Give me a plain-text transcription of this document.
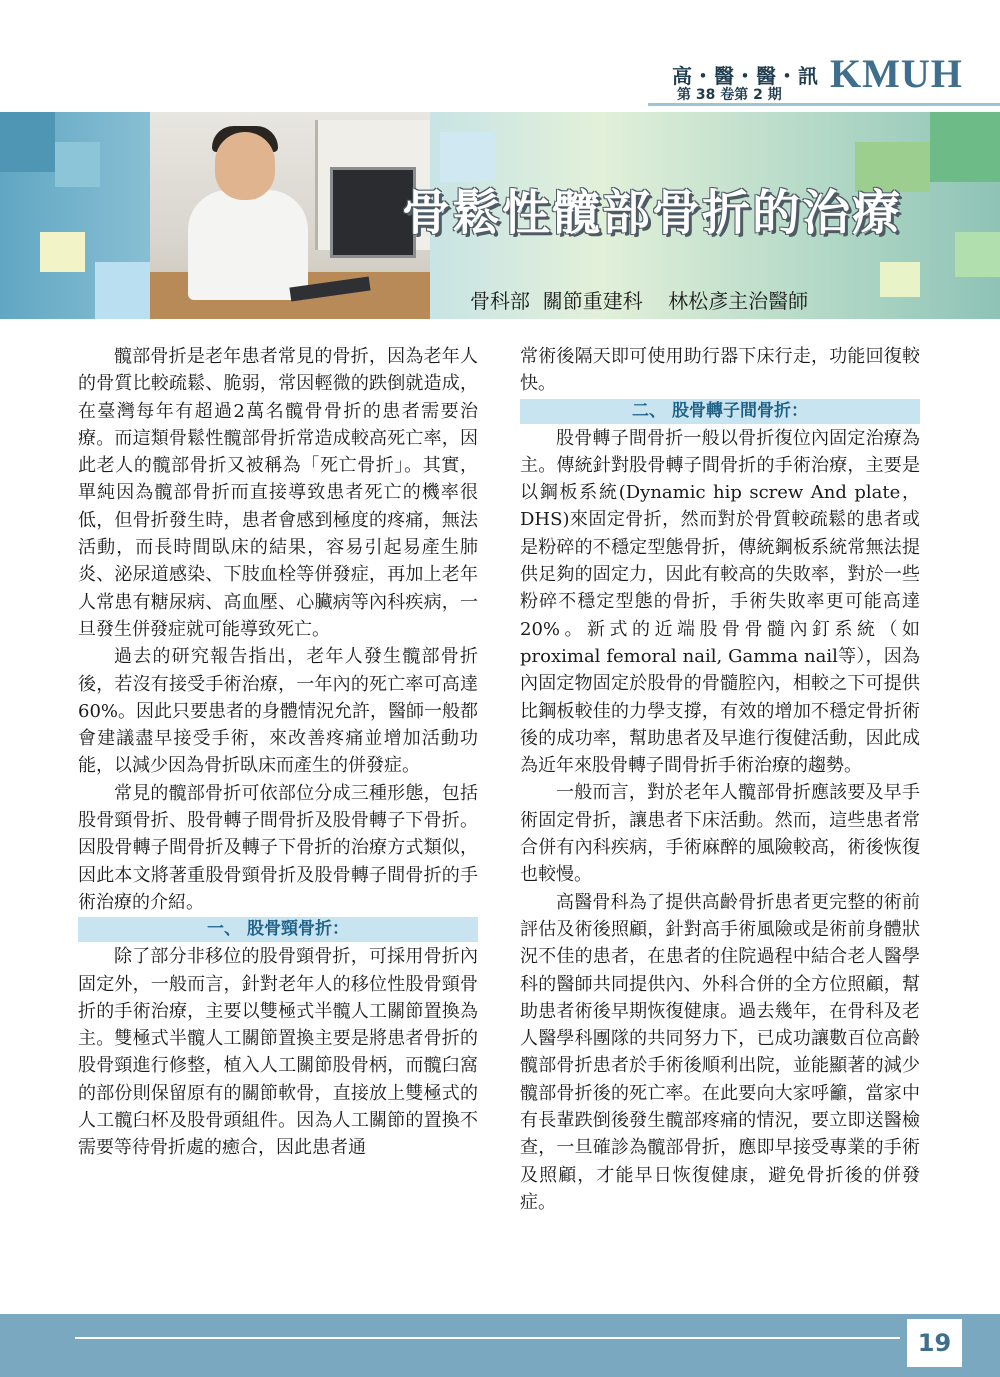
高・醫・醫・訊
第 38 卷第 2 期 KMUH
骨鬆性髖部骨折的治療
骨科部  關節重建科    林松彥主治醫師

髖部骨折是老年患者常見的骨折，因為老年人的骨質比較疏鬆、脆弱，常因輕微的跌倒就造成，在臺灣每年有超過2萬名髖骨骨折的患者需要治療。而這類骨鬆性髖部骨折常造成較高死亡率，因此老人的髖部骨折又被稱為「死亡骨折」。其實，單純因為髖部骨折而直接導致患者死亡的機率很低，但骨折發生時，患者會感到極度的疼痛，無法活動，而長時間臥床的結果，容易引起易產生肺炎、泌尿道感染、下肢血栓等併發症，再加上老年人常患有糖尿病、高血壓、心臟病等內科疾病，一旦發生併發症就可能導致死亡。

過去的研究報告指出，老年人發生髖部骨折後，若沒有接受手術治療，一年內的死亡率可高達60%。因此只要患者的身體情況允許，醫師一般都會建議盡早接受手術，來改善疼痛並增加活動功能，以減少因為骨折臥床而產生的併發症。

常見的髖部骨折可依部位分成三種形態，包括股骨頸骨折、股骨轉子間骨折及股骨轉子下骨折。因股骨轉子間骨折及轉子下骨折的治療方式類似，因此本文將著重股骨頸骨折及股骨轉子間骨折的手術治療的介紹。

一、 股骨頸骨折：

除了部分非移位的股骨頸骨折，可採用骨折內固定外，一般而言，針對老年人的移位性股骨頸骨折的手術治療，主要以雙極式半髖人工關節置換為主。雙極式半髖人工關節置換主要是將患者骨折的股骨頸進行修整，植入人工關節股骨柄，而髖臼窩的部份則保留原有的關節軟骨，直接放上雙極式的人工髖臼杯及股骨頭組件。因為人工關節的置換不需要等待骨折處的癒合，因此患者通

常術後隔天即可使用助行器下床行走，功能回復較快。

二、 股骨轉子間骨折：

股骨轉子間骨折一般以骨折復位內固定治療為主。傳統針對股骨轉子間骨折的手術治療，主要是以鋼板系統(Dynamic hip screw And plate，DHS)來固定骨折，然而對於骨質較疏鬆的患者或是粉碎的不穩定型態骨折，傳統鋼板系統常無法提供足夠的固定力，因此有較高的失敗率，對於一些粉碎不穩定型態的骨折，手術失敗率更可能高達20%。新式的近端股骨骨髓內釘系統（如proximal femoral nail, Gamma nail等），因為內固定物固定於股骨的骨髓腔內，相較之下可提供比鋼板較佳的力學支撐，有效的增加不穩定骨折術後的成功率，幫助患者及早進行復健活動，因此成為近年來股骨轉子間骨折手術治療的趨勢。

一般而言，對於老年人髖部骨折應該要及早手術固定骨折，讓患者下床活動。然而，這些患者常合併有內科疾病，手術麻醉的風險較高，術後恢復也較慢。

高醫骨科為了提供高齡骨折患者更完整的術前評估及術後照顧，針對高手術風險或是術前身體狀況不佳的患者，在患者的住院過程中結合老人醫學科的醫師共同提供內、外科合併的全方位照顧，幫助患者術後早期恢復健康。過去幾年，在骨科及老人醫學科團隊的共同努力下，已成功讓數百位高齡髖部骨折患者於手術後順利出院，並能顯著的減少髖部骨折後的死亡率。在此要向大家呼籲，當家中有長輩跌倒後發生髖部疼痛的情況，要立即送醫檢查，一旦確診為髖部骨折，應即早接受專業的手術及照顧，才能早日恢復健康，避免骨折後的併發症。

19
